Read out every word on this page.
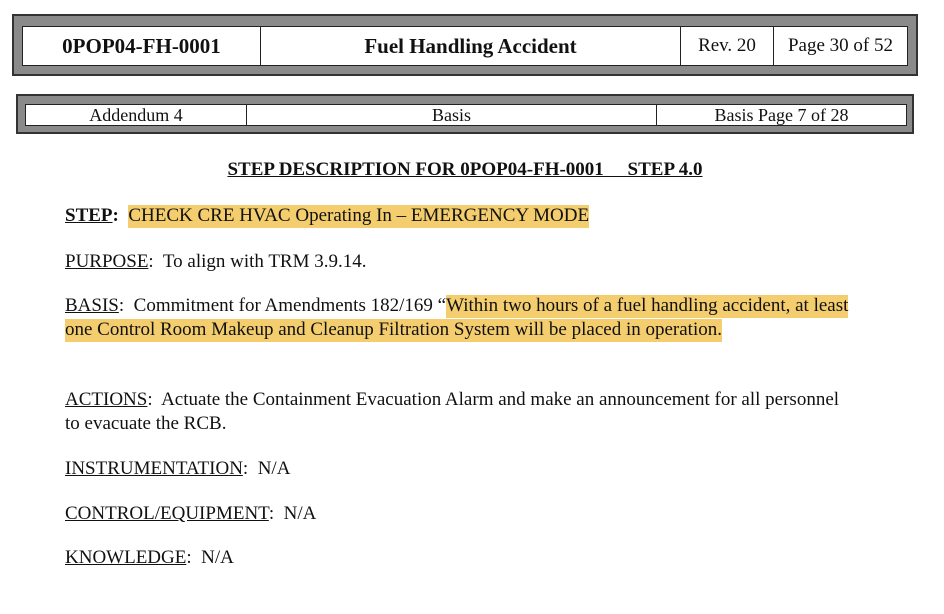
0POP04-FH-0001	Fuel Handling Accident	Rev. 20	Page 30 of 52
Addendum 4	Basis	Basis Page 7 of 28
STEP DESCRIPTION FOR 0POP04-FH-0001     STEP 4.0
STEP: CHECK CRE HVAC Operating In – EMERGENCY MODE
PURPOSE:  To align with TRM 3.9.14.
BASIS:  Commitment for Amendments 182/169 “Within two hours of a fuel handling accident, at least one Control Room Makeup and Cleanup Filtration System will be placed in operation.
ACTIONS:  Actuate the Containment Evacuation Alarm and make an announcement for all personnel to evacuate the RCB.
INSTRUMENTATION:  N/A
CONTROL/EQUIPMENT:  N/A
KNOWLEDGE:  N/A
